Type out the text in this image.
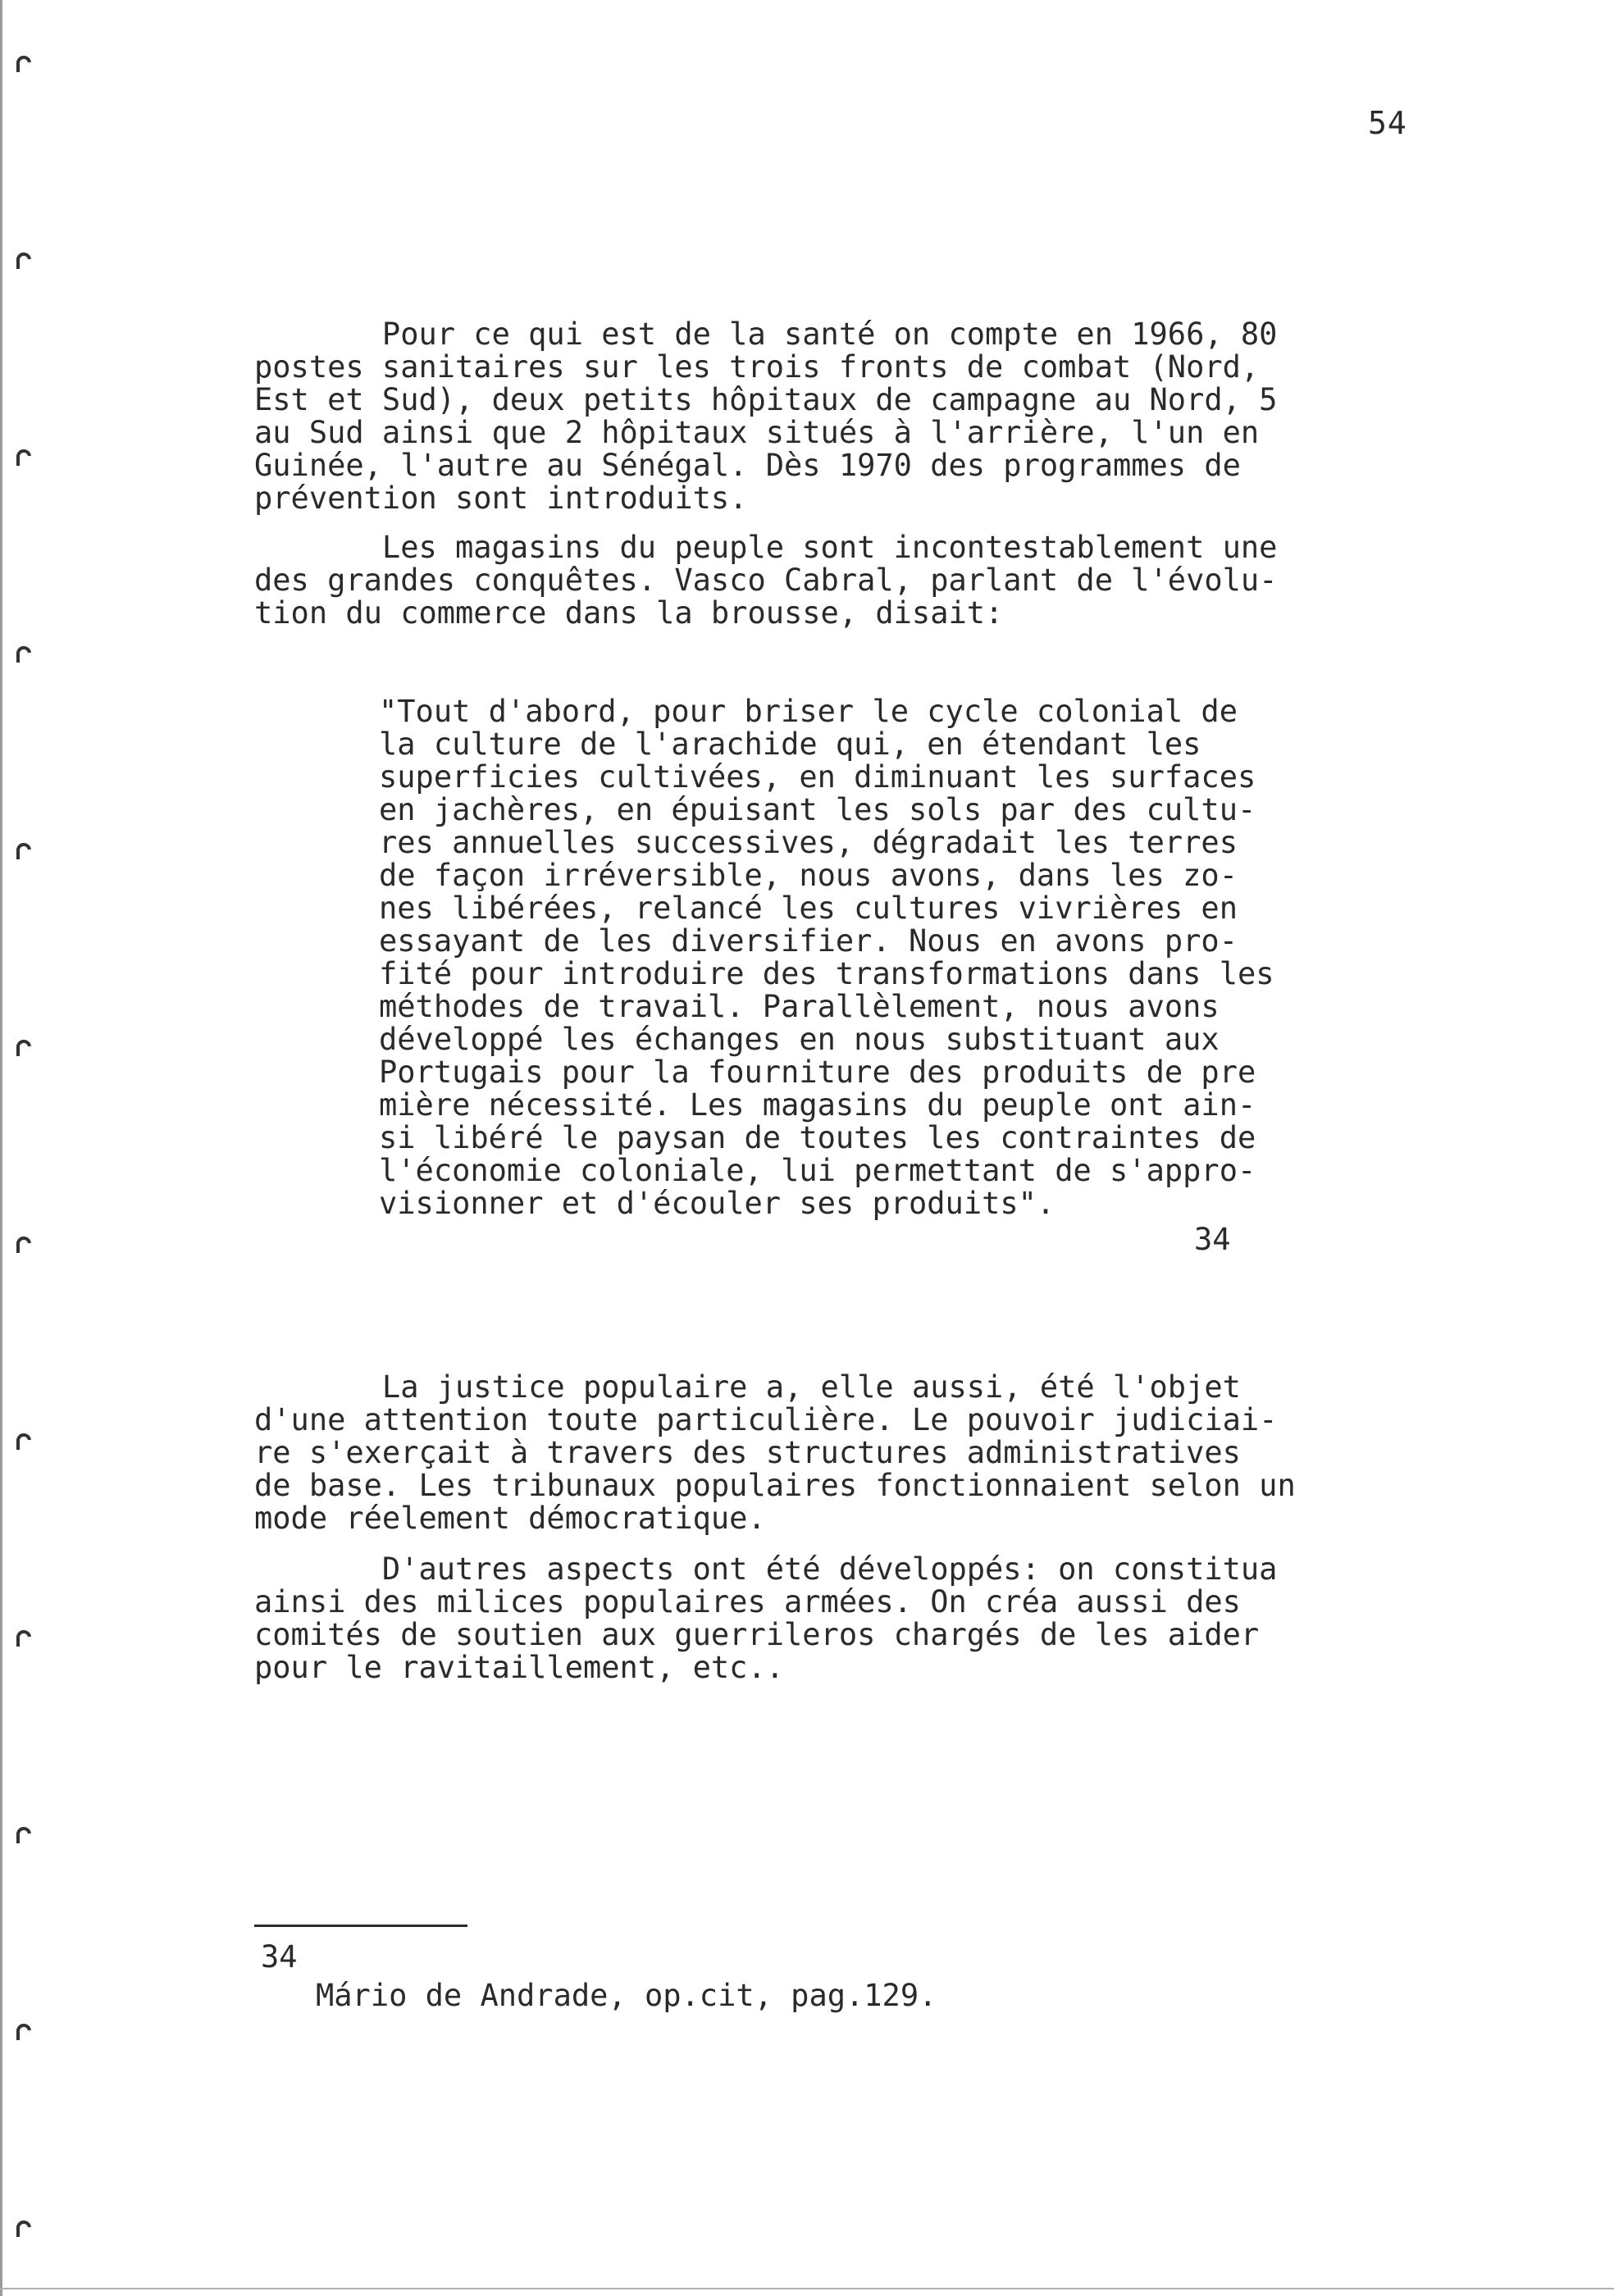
54
Pour ce qui est de la santé on compte en 1966, 80
postes sanitaires sur les trois fronts de combat (Nord,
Est et Sud), deux petits hôpitaux de campagne au Nord, 5
au Sud ainsi que 2 hôpitaux situés à l'arrière, l'un en
Guinée, l'autre au Sénégal. Dès 1970 des programmes de
prévention sont introduits.
Les magasins du peuple sont incontestablement une
des grandes conquêtes. Vasco Cabral, parlant de l'évolu-
tion du commerce dans la brousse, disait:
"Tout d'abord, pour briser le cycle colonial de
la culture de l'arachide qui, en étendant les
superficies cultivées, en diminuant les surfaces
en jachères, en épuisant les sols par des cultu-
res annuelles successives, dégradait les terres
de façon irréversible, nous avons, dans les zo-
nes libérées, relancé les cultures vivrières en
essayant de les diversifier. Nous en avons pro-
fité pour introduire des transformations dans les
méthodes de travail. Parallèlement, nous avons
développé les échanges en nous substituant aux
Portugais pour la fourniture des produits de pre
mière nécessité. Les magasins du peuple ont ain-
si libéré le paysan de toutes les contraintes de
l'économie coloniale, lui permettant de s'appro-
visionner et d'écouler ses produits".
34
La justice populaire a, elle aussi, été l'objet
d'une attention toute particulière. Le pouvoir judiciai-
re s'exerçait à travers des structures administratives
de base. Les tribunaux populaires fonctionnaient selon un
mode réelement démocratique.
D'autres aspects ont été développés: on constitua
ainsi des milices populaires armées. On créa aussi des
comités de soutien aux guerrileros chargés de les aider
pour le ravitaillement, etc..
34
Mário de Andrade, op.cit, pag.129.
